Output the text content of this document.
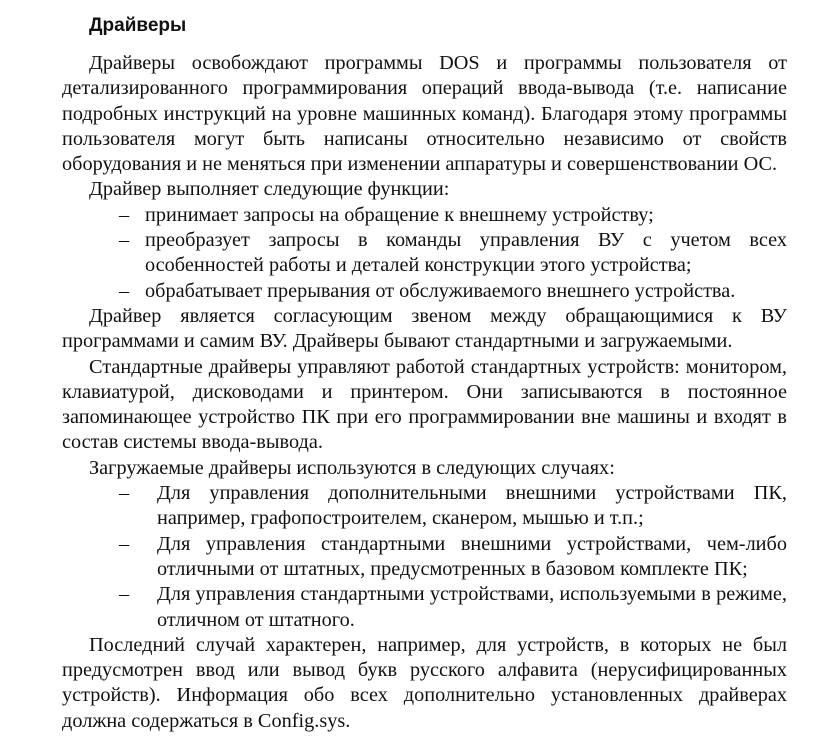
Драйверы

Драйверы освобождают программы DOS и программы пользователя от детализированного программирования операций ввода-вывода (т.е. написание подробных инструкций на уровне машинных команд). Благодаря этому программы пользователя могут быть написаны относительно независимо от свойств оборудования и не меняться при изменении аппаратуры и совершенствовании ОС.

Драйвер выполняет следующие функции:

– принимает запросы на обращение к внешнему устройству;
– преобразует запросы в команды управления ВУ с учетом всех особенностей работы и деталей конструкции этого устройства;
– обрабатывает прерывания от обслуживаемого внешнего устройства.

Драйвер является согласующим звеном между обращающимися к ВУ программами и самим ВУ. Драйверы бывают стандартными и загружаемыми.

Стандартные драйверы управляют работой стандартных устройств: монитором, клавиатурой, дисководами и принтером. Они записываются в постоянное запоминающее устройство ПК при его программировании вне машины и входят в состав системы ввода-вывода.

Загружаемые драйверы используются в следующих случаях:

– Для управления дополнительными внешними устройствами ПК, например, графопостроителем, сканером, мышью и т.п.;
– Для управления стандартными внешними устройствами, чем-либо отличными от штатных, предусмотренных в базовом комплекте ПК;
– Для управления стандартными устройствами, используемыми в режиме, отличном от штатного.

Последний случай характерен, например, для устройств, в которых не был предусмотрен ввод или вывод букв русского алфавита (нерусифицированных устройств). Информация обо всех дополнительно установленных драйверах должна содержаться в Config.sys.
